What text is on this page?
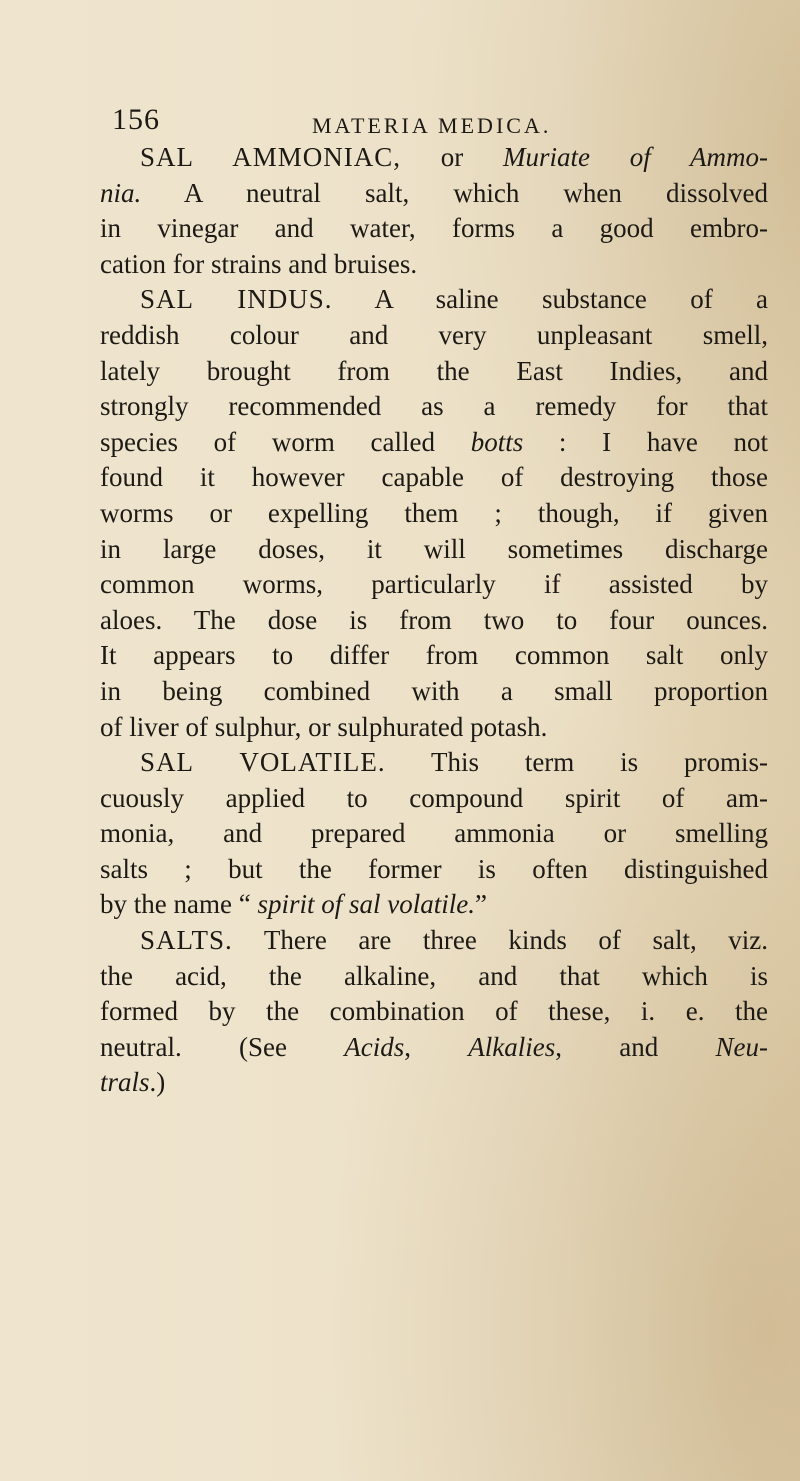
156	MATERIA MEDICA.

SAL AMMONIAC, or Muriate of Ammo-
nia. A neutral salt, which when dissolved
in vinegar and water, forms a good embro-
cation for strains and bruises.

SAL INDUS. A saline substance of a
reddish colour and very unpleasant smell,
lately brought from the East Indies, and
strongly recommended as a remedy for that
species of worm called botts : I have not
found it however capable of destroying those
worms or expelling them ; though, if given
in large doses, it will sometimes discharge
common worms, particularly if assisted by
aloes. The dose is from two to four ounces.
It appears to differ from common salt only
in being combined with a small proportion
of liver of sulphur, or sulphurated potash.

SAL VOLATILE. This term is promis-
cuously applied to compound spirit of am-
monia, and prepared ammonia or smelling
salts ; but the former is often distinguished
by the name “ spirit of sal volatile.”

SALTS. There are three kinds of salt, viz.
the acid, the alkaline, and that which is
formed by the combination of these, i. e. the
neutral. (See Acids, Alkalies, and Neu-
trals.)
